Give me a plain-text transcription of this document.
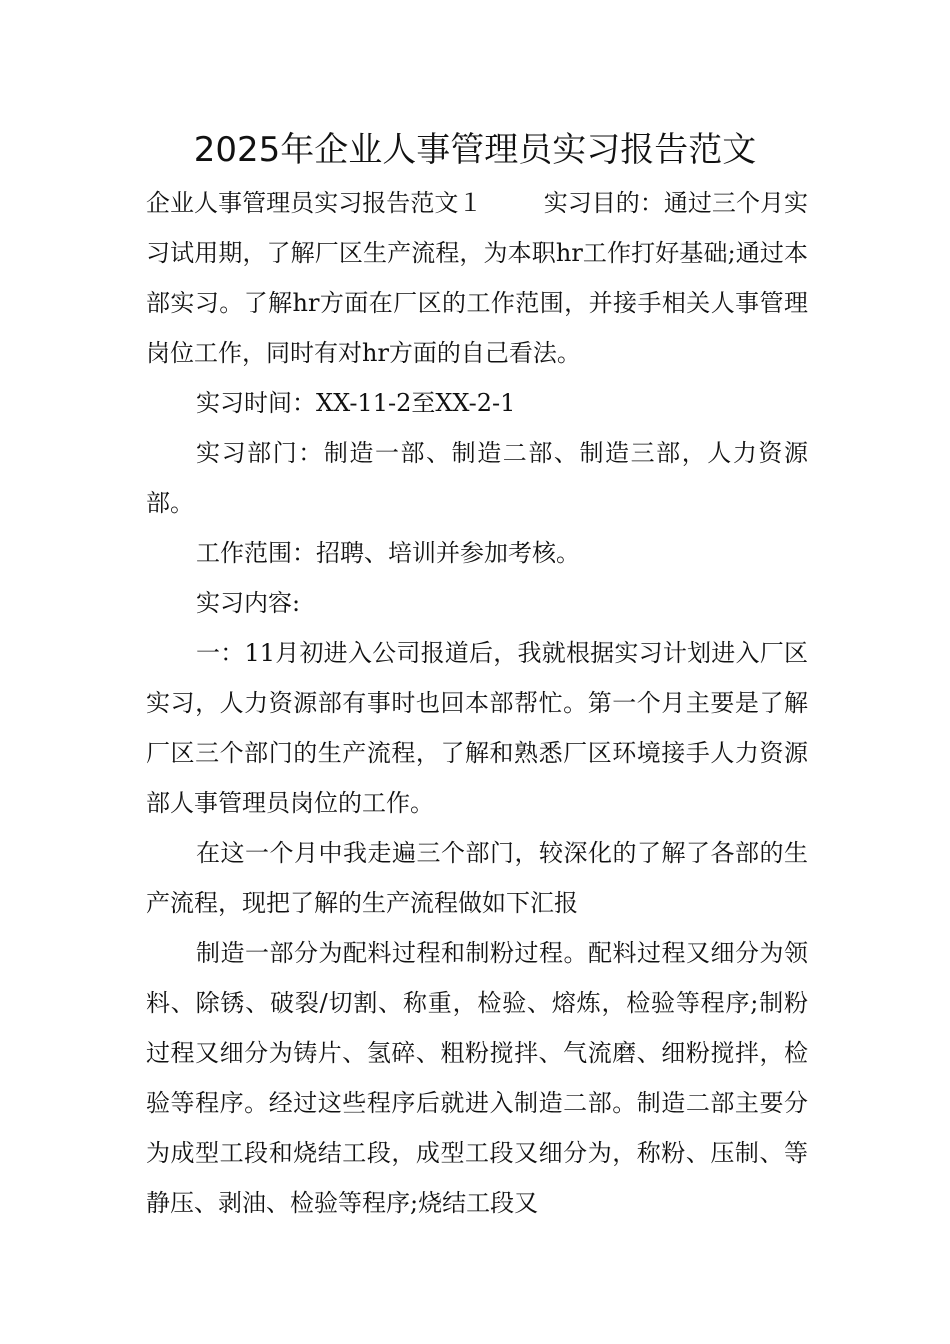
2025年企业人事管理员实习报告范文

企业人事管理员实习报告范文１	实习目的：通过三个月实习试用期，了解厂区生产流程，为本职hr工作打好基础;通过本部实习。了解hr方面在厂区的工作范围，并接手相关人事管理岗位工作，同时有对hr方面的自己看法。

实习时间：XX-11-2至XX-2-1

实习部门：制造一部、制造二部、制造三部，人力资源部。

工作范围：招聘、培训并参加考核。

实习内容:

一：11月初进入公司报道后，我就根据实习计划进入厂区实习，人力资源部有事时也回本部帮忙。第一个月主要是了解厂区三个部门的生产流程，了解和熟悉厂区环境接手人力资源部人事管理员岗位的工作。

在这一个月中我走遍三个部门，较深化的了解了各部的生产流程，现把了解的生产流程做如下汇报

制造一部分为配料过程和制粉过程。配料过程又细分为领料、除锈、破裂/切割、称重，检验、熔炼，检验等程序;制粉过程又细分为铸片、氢碎、粗粉搅拌、气流磨、细粉搅拌，检验等程序。经过这些程序后就进入制造二部。制造二部主要分为成型工段和烧结工段，成型工段又细分为，称粉、压制、等静压、剥油、检验等程序;烧结工段又
